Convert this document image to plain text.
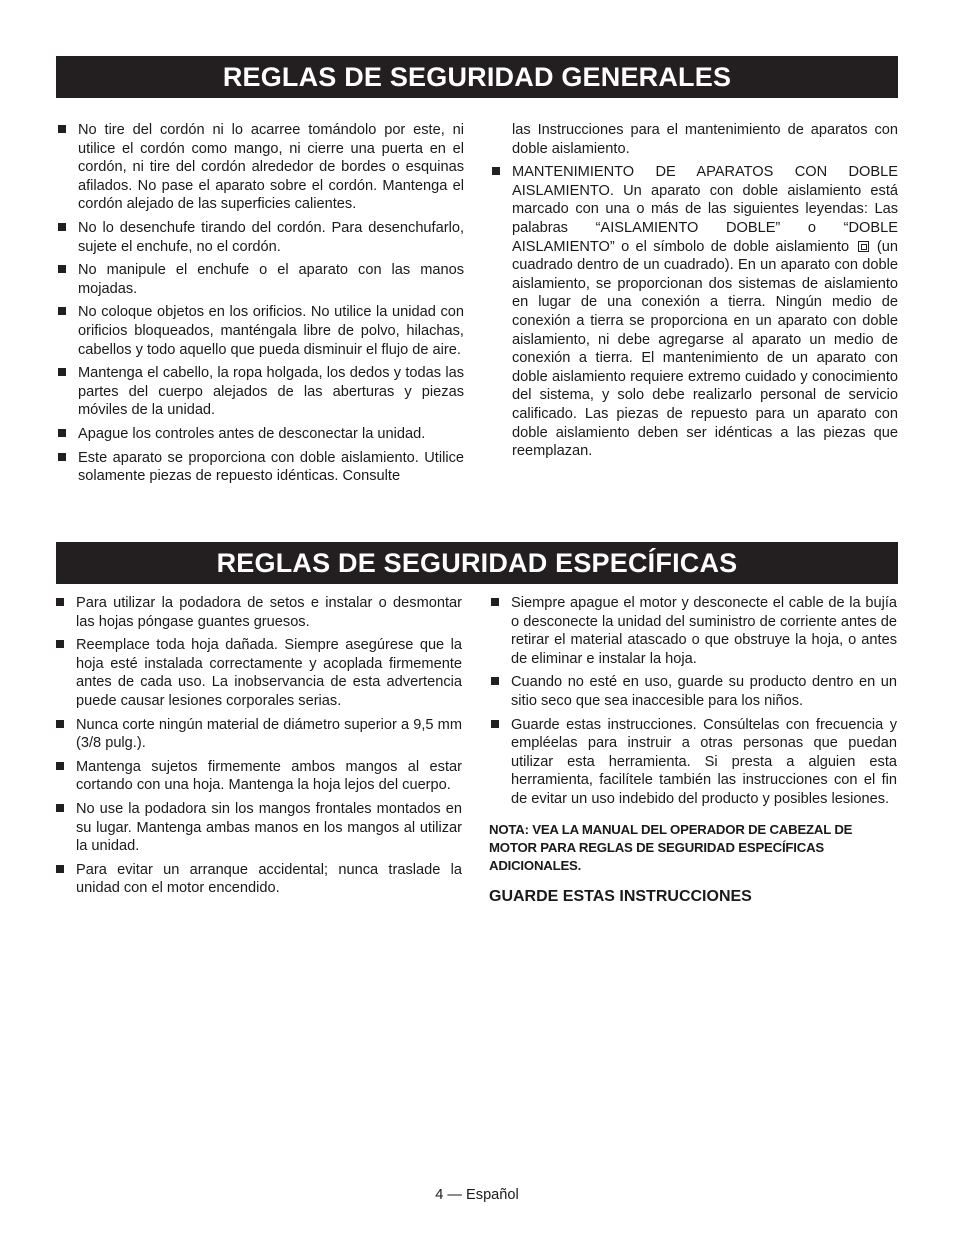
REGLAS DE SEGURIDAD GENERALES
No tire del cordón ni lo acarree tomándolo por este, ni utilice el cordón como mango, ni cierre una puerta en el cordón, ni tire del cordón alrededor de bordes o esquinas afilados. No pase el aparato sobre el cordón. Mantenga el cordón alejado de las superficies calientes.
No lo desenchufe tirando del cordón. Para desenchufarlo, sujete el enchufe, no el cordón.
No manipule el enchufe o el aparato con las manos mojadas.
No coloque objetos en los orificios. No utilice la unidad con orificios bloqueados, manténgala libre de polvo, hilachas, cabellos y todo aquello que pueda disminuir el flujo de aire.
Mantenga el cabello, la ropa holgada, los dedos y todas las partes del cuerpo alejados de las aberturas y piezas móviles de la unidad.
Apague los controles antes de desconectar la unidad.
Este aparato se proporciona con doble aislamiento. Utilice solamente piezas de repuesto idénticas. Consulte
las Instrucciones para el mantenimiento de aparatos con doble aislamiento.
MANTENIMIENTO DE APARATOS CON DOBLE AISLAMIENTO. Un aparato con doble aislamiento está marcado con una o más de las siguientes leyendas: Las palabras “AISLAMIENTO DOBLE” o “DOBLE AISLAMIENTO” o el símbolo de doble aislamiento (un cuadrado dentro de un cuadrado). En un aparato con doble aislamiento, se proporcionan dos sistemas de aislamiento en lugar de una conexión a tierra. Ningún medio de conexión a tierra se proporciona en un aparato con doble aislamiento, ni debe agregarse al aparato un medio de conexión a tierra. El mantenimiento de un aparato con doble aislamiento requiere extremo cuidado y conocimiento del sistema, y solo debe realizarlo personal de servicio calificado. Las piezas de repuesto para un aparato con doble aislamiento deben ser idénticas a las piezas que reemplazan.
REGLAS DE SEGURIDAD ESPECÍFICAS
Para utilizar la podadora de setos e instalar o desmontar las hojas póngase guantes gruesos.
Reemplace toda hoja dañada. Siempre asegúrese que la hoja esté instalada correctamente y acoplada firmemente antes de cada uso. La inobservancia de esta advertencia puede causar lesiones corporales serias.
Nunca corte ningún material de diámetro superior a 9,5 mm (3/8 pulg.).
Mantenga sujetos firmemente ambos mangos al estar cortando con una hoja. Mantenga la hoja lejos del cuerpo.
No use la podadora sin los mangos frontales montados en su lugar. Mantenga ambas manos en los mangos al utilizar la unidad.
Para evitar un arranque accidental; nunca traslade la unidad con el motor encendido.
Siempre apague el motor y desconecte el cable de la bujía o desconecte la unidad del suministro de corriente antes de retirar el material atascado o que obstruye la hoja, o antes de eliminar e instalar la hoja.
Cuando no esté en uso, guarde su producto dentro en un sitio seco que sea inaccesible para los niños.
Guarde estas instrucciones. Consúltelas con frecuencia y empléelas para instruir a otras personas que puedan utilizar esta herramienta. Si presta a alguien esta herramienta, facilítele también las instrucciones con el fin de evitar un uso indebido del producto y posibles lesiones.
NOTA: VEA LA MANUAL DEL OPERADOR DE CABEZAL DE MOTOR PARA REGLAS DE SEGURIDAD ESPECÍFICAS ADICIONALES.
GUARDE ESTAS INSTRUCCIONES
4 — Español
